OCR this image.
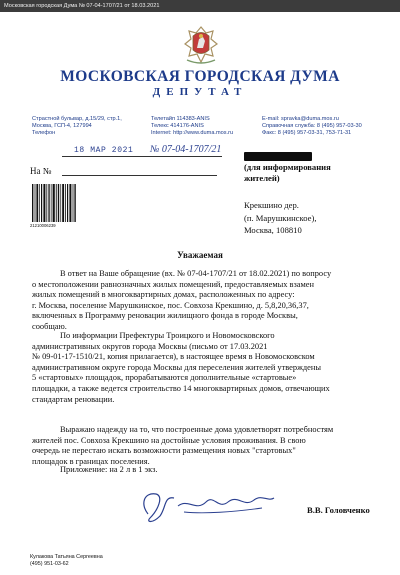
Московская городская Дума № 07-04-1707/21 от 18.03.2021
МОСКОВСКАЯ ГОРОДСКАЯ ДУМА
ДЕПУТАТ
Страстной бульвар, д.15/29, стр.1,
Москва, ГСП-4, 127994
Телефон
Телетайп 114383-ANIS
Телекс 414176-ANIS
Internet: http://www.duma.mos.ru
E-mail: spravka@duma.mos.ru
Справочная служба: 8 (495) 957-03-30
Факс: 8 (495) 957-03-31, 753-71-31
18 МАР 2021 № 07-04-1707/21
На №	(для информирования
жителей)
Крекшино дер.
(п. Марушкинское),
Москва, 108810
21210006239
Уважаемая
В ответ на Ваше обращение (вх. № 07-04-1707/21 от 18.02.2021) по вопросу
о местоположении равнозначных жилых помещений, предоставляемых взамен
жилых помещений в многоквартирных домах, расположенных по адресу:
г. Москва, поселение Марушкинское, пос. Совхоза Крекшино, д. 5,8,20,36,37,
включенных в Программу реновации жилищного фонда в городе Москвы,
сообщаю.
По информации Префектуры Троицкого и Новомосковского
административных округов города Москвы (письмо от 17.03.2021
№ 09-01-17-1510/21, копия прилагается), в настоящее время в Новомосковском
административном округе города Москвы для переселения жителей утверждены
5 «стартовых» площадок, прорабатываются дополнительные «стартовые»
площадки, а также ведется строительство 14 многоквартирных домов, отвечающих
стандартам реновации.
Выражаю надежду на то, что построенные дома удовлетворят потребностям
жителей пос. Совхоза Крекшино на достойные условия проживания. В свою
очередь не перестаю искать возможности размещения новых "стартовых"
площадок в границах поселения.
Приложение: на 2 л в 1 экз.
В.В. Головченко
Кулакова Татьяна Сергеевна
(495) 951-03-62
